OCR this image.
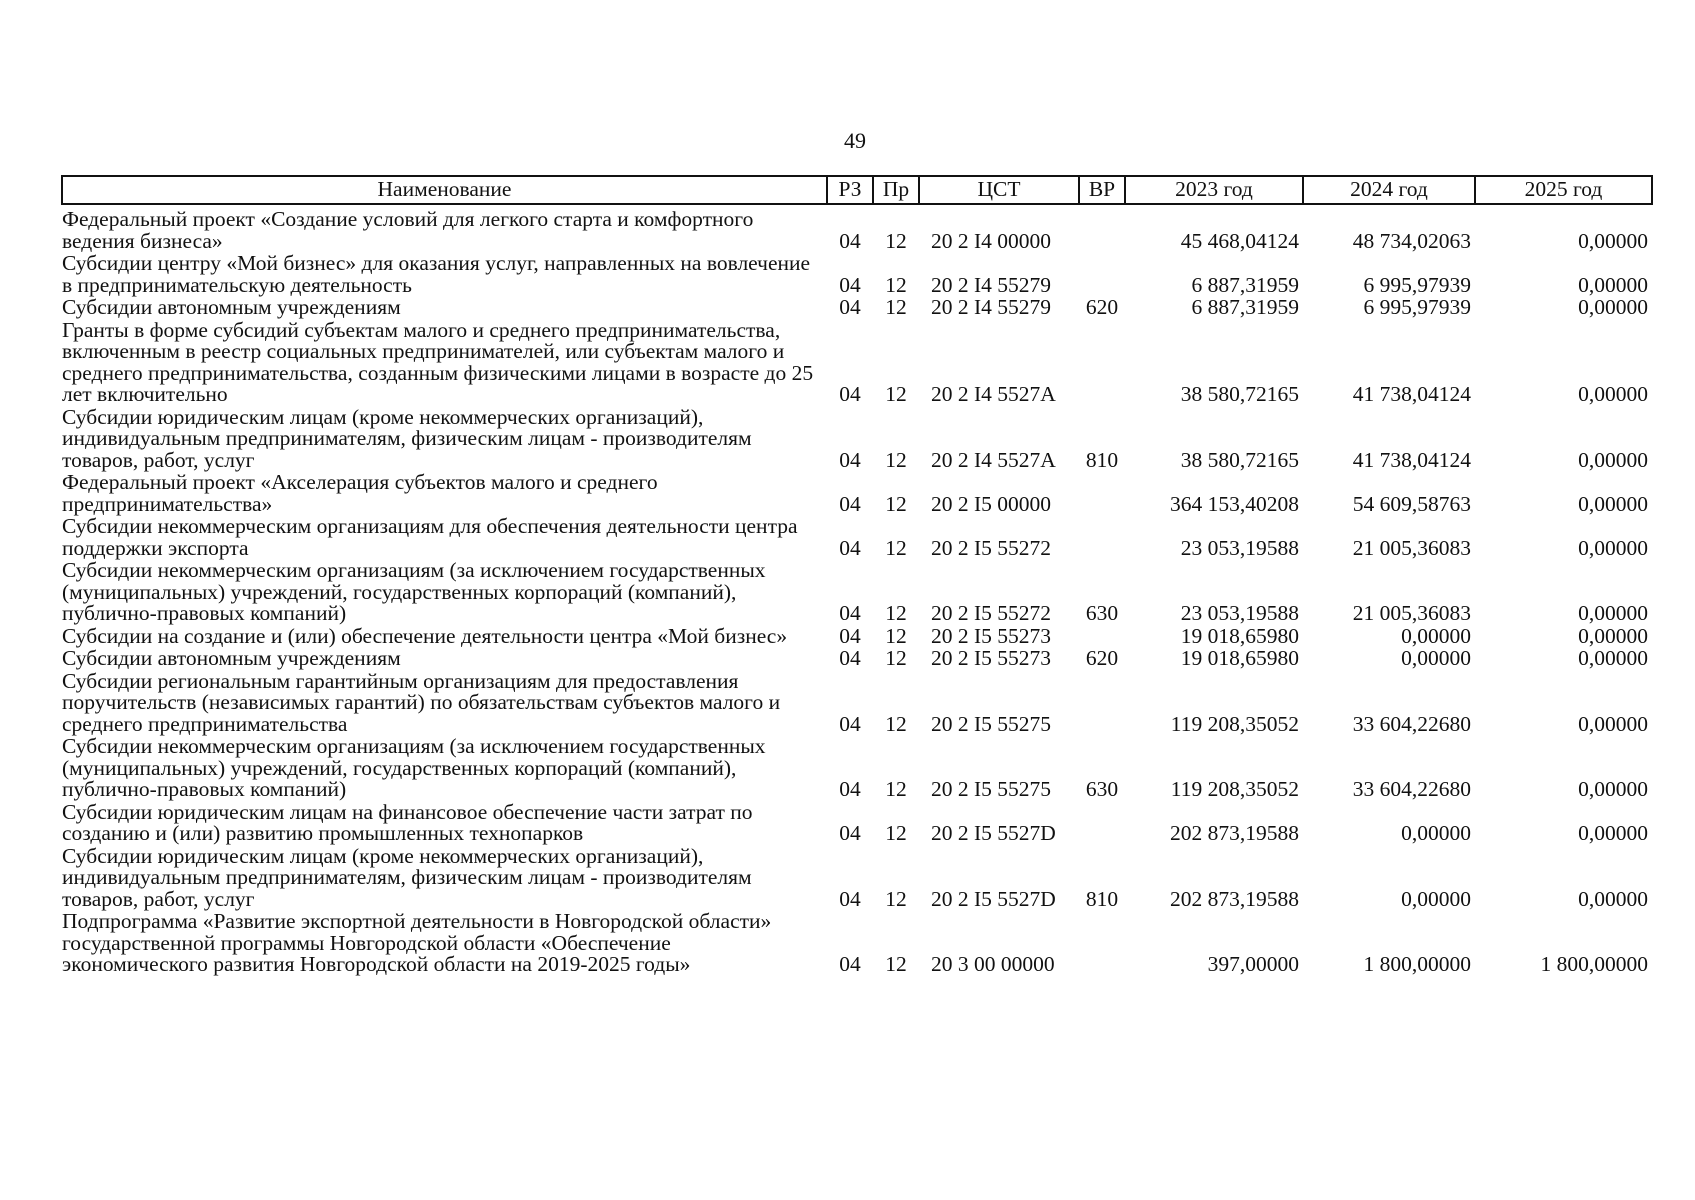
49
Наименование	РЗ	Пр	ЦСТ	ВР	2023 год	2024 год	2025 год
Федеральный проект «Создание условий для легкого старта и комфортного ведения бизнеса»	04	12	20 2 I4 00000		45 468,04124	48 734,02063	0,00000
Субсидии центру «Мой бизнес» для оказания услуг, направленных на вовлечение в предпринимательскую деятельность	04	12	20 2 I4 55279		6 887,31959	6 995,97939	0,00000
Субсидии автономным учреждениям	04	12	20 2 I4 55279	620	6 887,31959	6 995,97939	0,00000
Гранты в форме субсидий субъектам малого и среднего предпринимательства, включенным в реестр социальных предпринимателей, или субъектам малого и среднего предпринимательства, созданным физическими лицами в возрасте до 25 лет включительно	04	12	20 2 I4 5527A		38 580,72165	41 738,04124	0,00000
Субсидии юридическим лицам (кроме некоммерческих организаций), индивидуальным предпринимателям, физическим лицам - производителям товаров, работ, услуг	04	12	20 2 I4 5527A	810	38 580,72165	41 738,04124	0,00000
Федеральный проект «Акселерация субъектов малого и среднего предпринимательства»	04	12	20 2 I5 00000		364 153,40208	54 609,58763	0,00000
Субсидии некоммерческим организациям для обеспечения деятельности центра поддержки экспорта	04	12	20 2 I5 55272		23 053,19588	21 005,36083	0,00000
Субсидии некоммерческим организациям (за исключением государственных (муниципальных) учреждений, государственных корпораций (компаний), публично-правовых компаний)	04	12	20 2 I5 55272	630	23 053,19588	21 005,36083	0,00000
Субсидии на создание и (или) обеспечение деятельности центра «Мой бизнес»	04	12	20 2 I5 55273		19 018,65980	0,00000	0,00000
Субсидии автономным учреждениям	04	12	20 2 I5 55273	620	19 018,65980	0,00000	0,00000
Субсидии региональным гарантийным организациям для предоставления поручительств (независимых гарантий) по обязательствам субъектов малого и среднего предпринимательства	04	12	20 2 I5 55275		119 208,35052	33 604,22680	0,00000
Субсидии некоммерческим организациям (за исключением государственных (муниципальных) учреждений, государственных корпораций (компаний), публично-правовых компаний)	04	12	20 2 I5 55275	630	119 208,35052	33 604,22680	0,00000
Субсидии юридическим лицам на финансовое обеспечение части затрат по созданию и (или) развитию промышленных технопарков	04	12	20 2 I5 5527D		202 873,19588	0,00000	0,00000
Субсидии юридическим лицам (кроме некоммерческих организаций), индивидуальным предпринимателям, физическим лицам - производителям товаров, работ, услуг	04	12	20 2 I5 5527D	810	202 873,19588	0,00000	0,00000
Подпрограмма «Развитие экспортной деятельности в Новгородской области» государственной программы Новгородской области «Обеспечение экономического развития Новгородской области на 2019-2025 годы»	04	12	20 3 00 00000		397,00000	1 800,00000	1 800,00000
